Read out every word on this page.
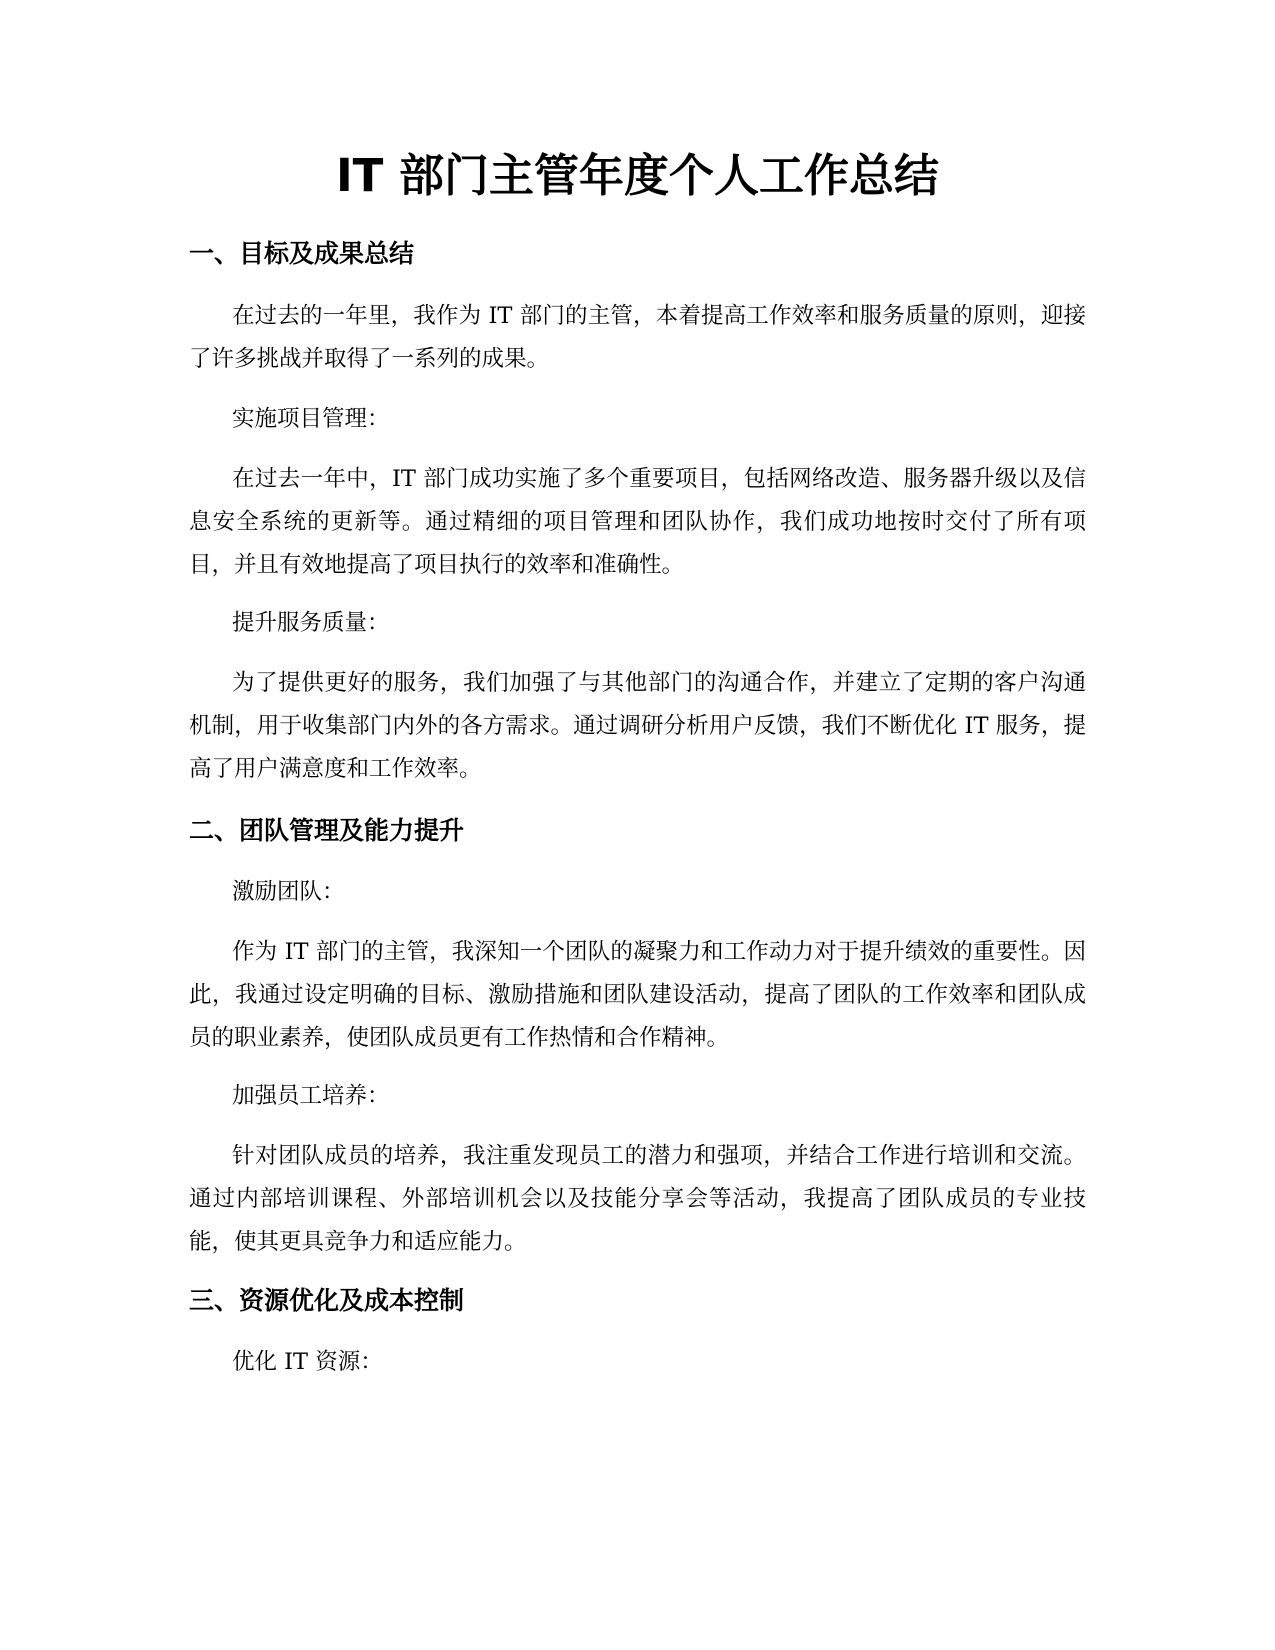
IT 部门主管年度个人工作总结
一、目标及成果总结

在过去的一年里，我作为 IT 部门的主管，本着提高工作效率和服务质量的原则，迎接了许多挑战并取得了一系列的成果。

实施项目管理：

在过去一年中，IT 部门成功实施了多个重要项目，包括网络改造、服务器升级以及信息安全系统的更新等。通过精细的项目管理和团队协作，我们成功地按时交付了所有项目，并且有效地提高了项目执行的效率和准确性。

提升服务质量：

为了提供更好的服务，我们加强了与其他部门的沟通合作，并建立了定期的客户沟通机制，用于收集部门内外的各方需求。通过调研分析用户反馈，我们不断优化 IT 服务，提高了用户满意度和工作效率。

二、团队管理及能力提升

激励团队：

作为 IT 部门的主管，我深知一个团队的凝聚力和工作动力对于提升绩效的重要性。因此，我通过设定明确的目标、激励措施和团队建设活动，提高了团队的工作效率和团队成员的职业素养，使团队成员更有工作热情和合作精神。

加强员工培养：

针对团队成员的培养，我注重发现员工的潜力和强项，并结合工作进行培训和交流。通过内部培训课程、外部培训机会以及技能分享会等活动，我提高了团队成员的专业技能，使其更具竞争力和适应能力。

三、资源优化及成本控制

优化 IT 资源：
